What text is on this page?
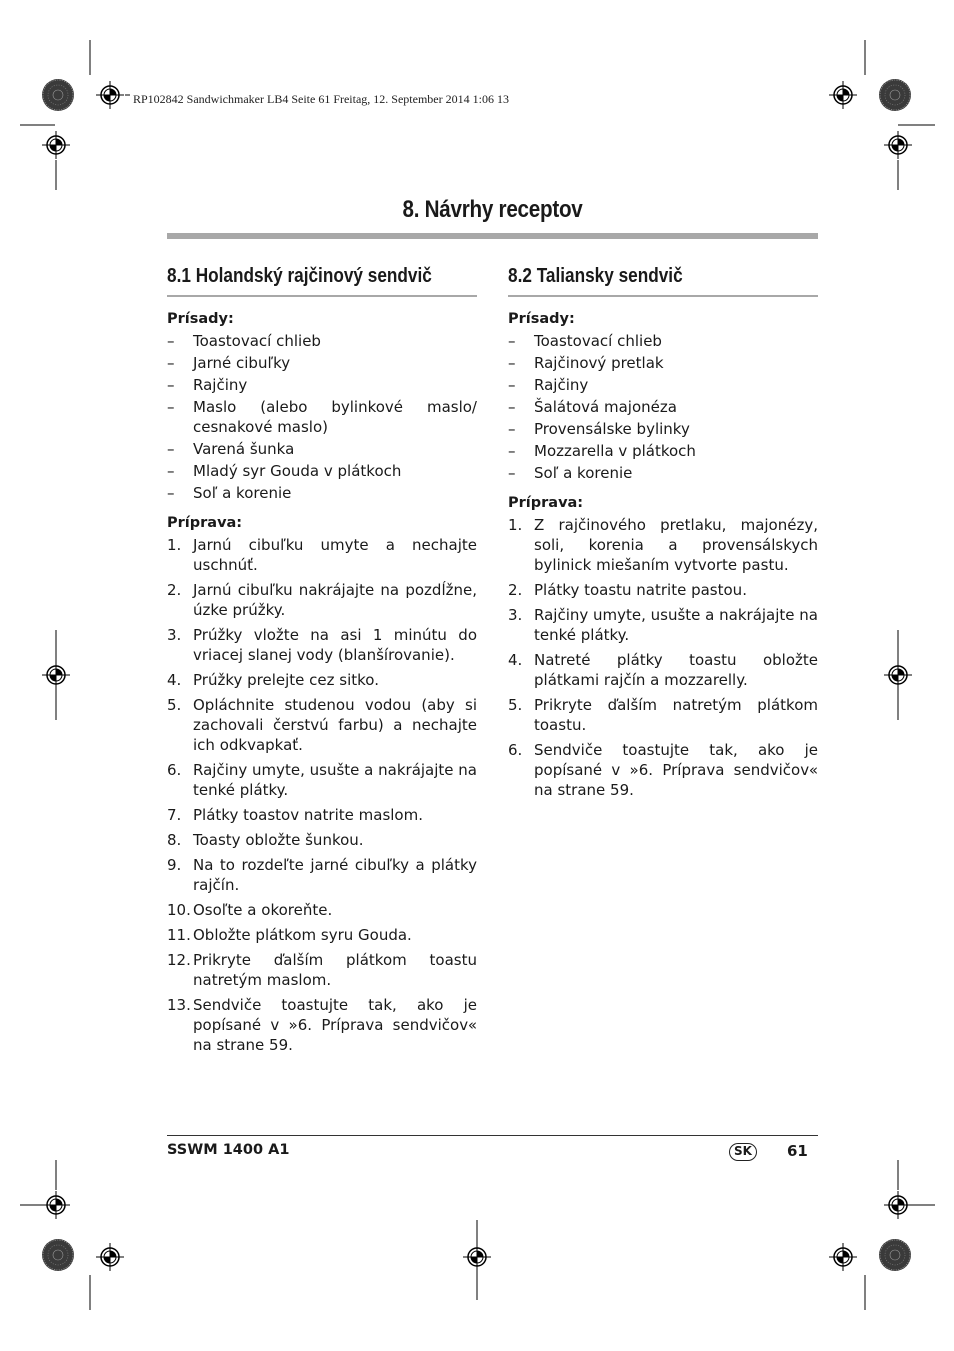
RP102842 Sandwichmaker LB4 Seite 61 Freitag, 12. September 2014 1:06 13
8. Návrhy receptov
8.1 Holandský rajčinový sendvič
Prísady:
– Toastovací chlieb
– Jarné cibuľky
– Rajčiny
– Maslo (alebo bylinkové maslo/ cesnakové maslo)
– Varená šunka
– Mladý syr Gouda v plátkoch
– Soľ a korenie
Príprava:
1. Jarnú cibuľku umyte a nechajte uschnúť.
2. Jarnú cibuľku nakrájajte na pozdĺžne, úzke prúžky.
3. Prúžky vložte na asi 1 minútu do vriacej slanej vody (blanšírovanie).
4. Prúžky prelejte cez sitko.
5. Opláchnite studenou vodou (aby si zachovali čerstvú farbu) a nechajte ich odkvapkať.
6. Rajčiny umyte, usušte a nakrájajte na tenké plátky.
7. Plátky toastov natrite maslom.
8. Toasty obložte šunkou.
9. Na to rozdeľte jarné cibuľky a plátky rajčín.
10. Osoľte a okoreňte.
11. Obložte plátkom syru Gouda.
12. Prikryte ďalším plátkom toastu natretým maslom.
13. Sendviče toastujte tak, ako je popísané v »6. Príprava sendvičov« na strane 59.
8.2 Taliansky sendvič
Prísady:
– Toastovací chlieb
– Rajčinový pretlak
– Rajčiny
– Šalátová majonéza
– Provensálske bylinky
– Mozzarella v plátkoch
– Soľ a korenie
Príprava:
1. Z rajčinového pretlaku, majonézy, soli, korenia a provensálskych bylinick miešaním vytvorte pastu.
2. Plátky toastu natrite pastou.
3. Rajčiny umyte, usušte a nakrájajte na tenké plátky.
4. Natreté plátky toastu obložte plátkami rajčín a mozzarelly.
5. Prikryte ďalším natretým plátkom toastu.
6. Sendviče toastujte tak, ako je popísané v »6. Príprava sendvičov« na strane 59.
SSWM 1400 A1	SK	61
